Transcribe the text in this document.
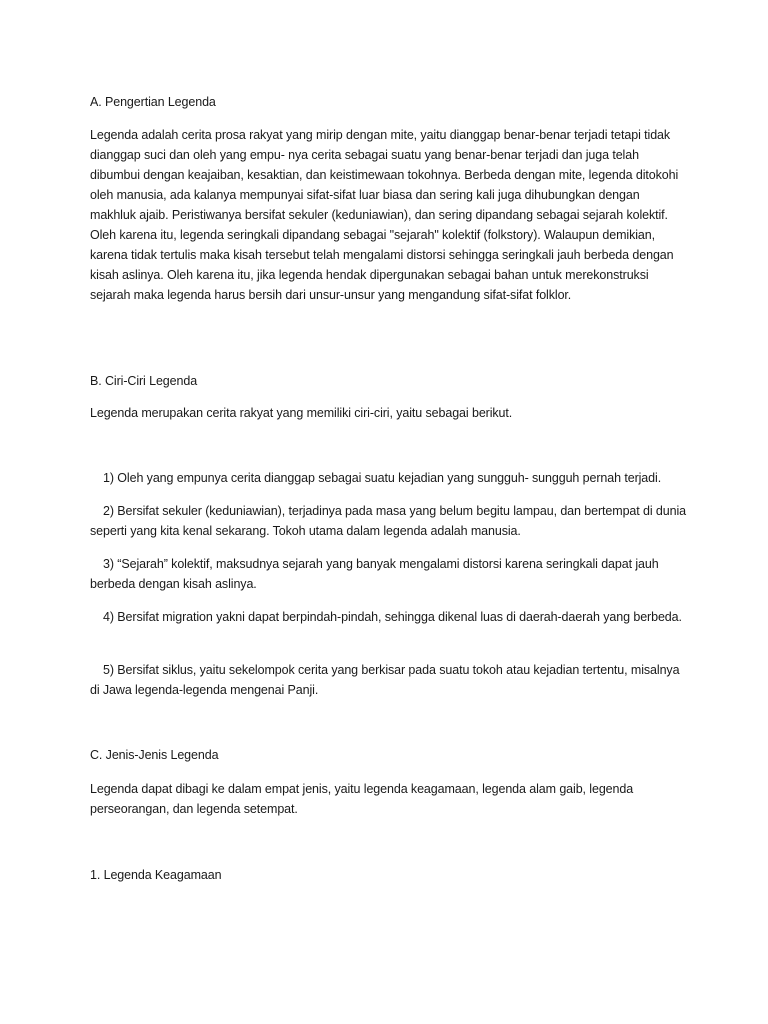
A. Pengertian Legenda

Legenda adalah cerita prosa rakyat yang mirip dengan mite, yaitu dianggap benar-benar terjadi tetapi tidak dianggap suci dan oleh yang empu- nya cerita sebagai suatu yang benar-benar terjadi dan juga telah dibumbui dengan keajaiban, kesaktian, dan keistimewaan tokohnya. Berbeda dengan mite, legenda ditokohi oleh manusia, ada kalanya mempunyai sifat-sifat luar biasa dan sering kali juga dihubungkan dengan makhluk ajaib. Peristiwanya bersifat sekuler (keduniawian), dan sering dipandang sebagai sejarah kolektif. Oleh karena itu, legenda seringkali dipandang sebagai "sejarah" kolektif (folkstory). Walaupun demikian, karena tidak tertulis maka kisah tersebut telah mengalami distorsi sehingga seringkali jauh berbeda dengan kisah aslinya. Oleh karena itu, jika legenda hendak dipergunakan sebagai bahan untuk merekonstruksi sejarah maka legenda harus bersih dari unsur-unsur yang mengandung sifat-sifat folklor.

B. Ciri-Ciri Legenda

Legenda merupakan cerita rakyat yang memiliki ciri-ciri, yaitu sebagai berikut.

1) Oleh yang empunya cerita dianggap sebagai suatu kejadian yang sungguh- sungguh pernah terjadi.

2) Bersifat sekuler (keduniawian), terjadinya pada masa yang belum begitu lampau, dan bertempat di dunia seperti yang kita kenal sekarang. Tokoh utama dalam legenda adalah manusia.

3) “Sejarah” kolektif, maksudnya sejarah yang banyak mengalami distorsi karena seringkali dapat jauh berbeda dengan kisah aslinya.

4) Bersifat migration yakni dapat berpindah-pindah, sehingga dikenal luas di daerah-daerah yang berbeda.

5) Bersifat siklus, yaitu sekelompok cerita yang berkisar pada suatu tokoh atau kejadian tertentu, misalnya di Jawa legenda-legenda mengenai Panji.

C. Jenis-Jenis Legenda

Legenda dapat dibagi ke dalam empat jenis, yaitu legenda keagamaan, legenda alam gaib, legenda perseorangan, dan legenda setempat.

1. Legenda Keagamaan
